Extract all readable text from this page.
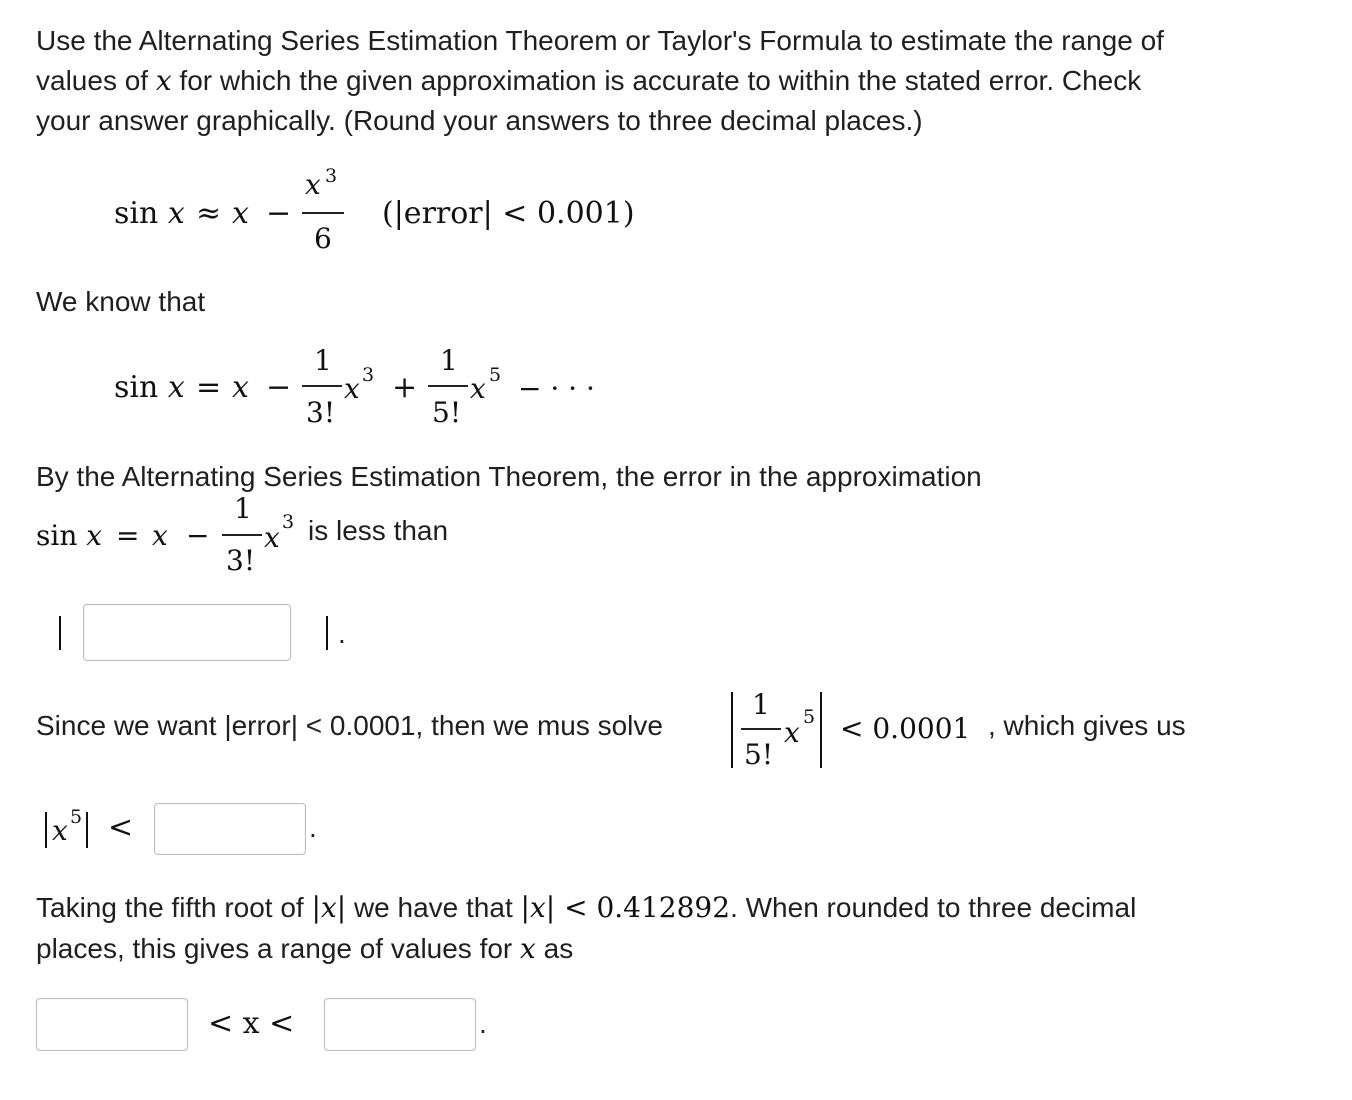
Use the Alternating Series Estimation Theorem or Taylor's Formula to estimate the range of
values of x for which the given approximation is accurate to within the stated error. Check
your answer graphically. (Round your answers to three decimal places.)
sin x ≈ x −
x 3
6
(|error| < 0.001)
We know that
sin x = x −
1
3!
x 3 +
1
5!
x 5 − · · ·
By the Alternating Series Estimation Theorem, the error in the approximation
sin x = x −
1
3!
x 3 is less than
.
Since we want |error| < 0.0001, then we mus solve
1
5!
x 5 < 0.0001 , which gives us
x 5 <	.
Taking the fifth root of |x| we have that |x| < 0.412892. When rounded to three decimal
places, this gives a range of values for x as
< x <	.
